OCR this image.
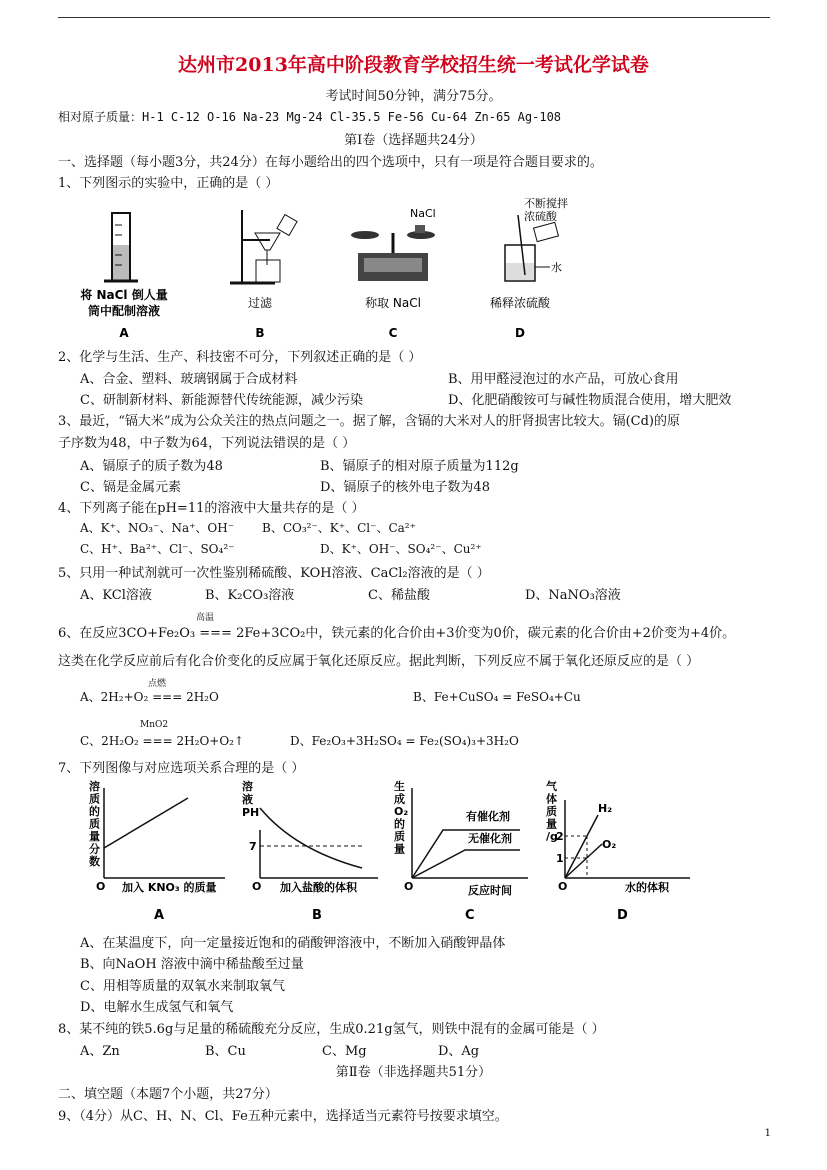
达州市2013年高中阶段教育学校招生统一考试化学试卷
考试时间50分钟，满分75分。
相对原子质量：H-1 C-12 O-16 Na-23 Mg-24 Cl-35.5 Fe-56 Cu-64 Zn-65 Ag-108
第Ⅰ卷（选择题共24分）
一、选择题（每小题3分，共24分）在每小题给出的四个选项中，只有一项是符合题目要求的。
1、下列图示的实验中，正确的是（ ）
将 NaCl 倒人量
筒中配制溶液
A
过滤
B
NaCl
称取 NaCl
C
不断搅拌
浓硫酸
水
稀释浓硫酸
D
2、化学与生活、生产、科技密不可分，下列叙述正确的是（ ）
A、合金、塑料、玻璃钢属于合成材料	B、用甲醛浸泡过的水产品，可放心食用
C、研制新材料、新能源替代传统能源，减少污染	D、化肥硝酸铵可与碱性物质混合使用，增大肥效
3、最近，“镉大米”成为公众关注的热点问题之一。据了解，含镉的大米对人的肝肾损害比较大。镉(Cd)的原
子序数为48，中子数为64，下列说法错误的是（ ）
A、镉原子的质子数为48	B、镉原子的相对原子质量为112g
C、镉是金属元素	D、镉原子的核外电子数为48
4、下列离子能在pH=11的溶液中大量共存的是（ ）
A、K⁺、NO₃⁻、Na⁺、OH⁻ B、CO₃²⁻、K⁺、Cl⁻、Ca²⁺
C、H⁺、Ba²⁺、Cl⁻、SO₄²⁻	D、K⁺、OH⁻、SO₄²⁻、Cu²⁺
5、只用一种试剂就可一次性鉴别稀硫酸、KOH溶液、CaCl₂溶液的是（ ）
A、KCl溶液	B、K₂CO₃溶液	C、稀盐酸	D、NaNO₃溶液
高温
6、在反应3CO+Fe₂O₃ === 2Fe+3CO₂中，铁元素的化合价由+3价变为0价，碳元素的化合价由+2价变为+4价。
这类在化学反应前后有化合价变化的反应属于氧化还原反应。据此判断，下列反应不属于氧化还原反应的是（ ）
点燃
A、2H₂+O₂ === 2H₂O	B、Fe+CuSO₄ = FeSO₄+Cu
MnO2
C、2H₂O₂ === 2H₂O+O₂↑	D、Fe₂O₃+3H₂SO₄ = Fe₂(SO₄)₃+3H₂O
7、下列图像与对应选项关系合理的是（ ）
溶
质
的
质
量
分
数
O 加入 KNO₃ 的质量
A
溶
液
PH
7
O 加入盐酸的体积
B
生
成
O₂
的
质
量
有催化剂
无催化剂
O	反应时间
C
气
体
质
量
/g
2
1
H₂
O₂
O	水的体积
D
A、在某温度下，向一定量接近饱和的硝酸钾溶液中，不断加入硝酸钾晶体
B、向NaOH 溶液中滴中稀盐酸至过量
C、用相等质量的双氧水来制取氧气
D、电解水生成氢气和氧气
8、某不纯的铁5.6g与足量的稀硫酸充分反应，生成0.21g氢气，则铁中混有的金属可能是（ ）
A、Zn	B、Cu	C、Mg	D、Ag
第Ⅱ卷（非选择题共51分）
二、填空题（本题7个小题，共27分）
9、（4分）从C、H、N、Cl、Fe五种元素中，选择适当元素符号按要求填空。
1
